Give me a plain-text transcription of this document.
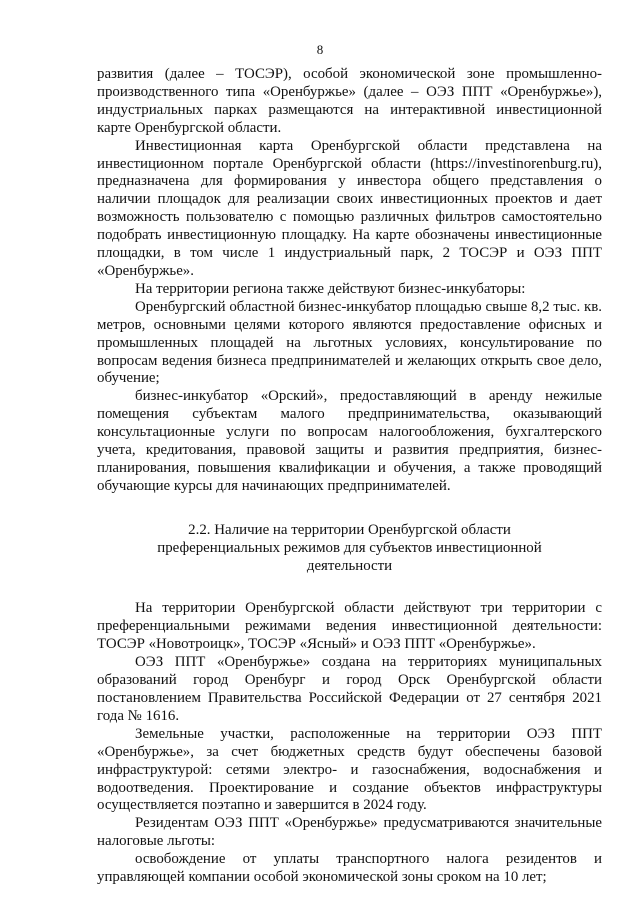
8

развития (далее – ТОСЭР), особой экономической зоне промышленно-производственного типа «Оренбуржье» (далее – ОЭЗ ППТ «Оренбуржье»), индустриальных парках размещаются на интерактивной инвестиционной карте Оренбургской области.

Инвестиционная карта Оренбургской области представлена на инвестиционном портале Оренбургской области (https://investinorenburg.ru), предназначена для формирования у инвестора общего представления о наличии площадок для реализации своих инвестиционных проектов и дает возможность пользователю с помощью различных фильтров самостоятельно подобрать инвестиционную площадку. На карте обозначены инвестиционные площадки, в том числе 1 индустриальный парк, 2 ТОСЭР и ОЭЗ ППТ «Оренбуржье».

На территории региона также действуют бизнес-инкубаторы:

Оренбургский областной бизнес-инкубатор площадью свыше 8,2 тыс. кв. метров, основными целями которого являются предоставление офисных и промышленных площадей на льготных условиях, консультирование по вопросам ведения бизнеса предпринимателей и желающих открыть свое дело, обучение;

бизнес-инкубатор «Орский», предоставляющий в аренду нежилые помещения субъектам малого предпринимательства, оказывающий консультационные услуги по вопросам налогообложения, бухгалтерского учета, кредитования, правовой защиты и развития предприятия, бизнес-планирования, повышения квалификации и обучения, а также проводящий обучающие курсы для начинающих предпринимателей.

2.2. Наличие на территории Оренбургской области преференциальных режимов для субъектов инвестиционной деятельности

На территории Оренбургской области действуют три территории с преференциальными режимами ведения инвестиционной деятельности: ТОСЭР «Новотроицк», ТОСЭР «Ясный» и ОЭЗ ППТ «Оренбуржье».

ОЭЗ ППТ «Оренбуржье» создана на территориях муниципальных образований город Оренбург и город Орск Оренбургской области постановлением Правительства Российской Федерации от 27 сентября 2021 года № 1616.

Земельные участки, расположенные на территории ОЭЗ ППТ «Оренбуржье», за счет бюджетных средств будут обеспечены базовой инфраструктурой: сетями электро- и газоснабжения, водоснабжения и водоотведения. Проектирование и создание объектов инфраструктуры осуществляется поэтапно и завершится в 2024 году.

Резидентам ОЭЗ ППТ «Оренбуржье» предусматриваются значительные налоговые льготы:

освобождение от уплаты транспортного налога резидентов и управляющей компании особой экономической зоны сроком на 10 лет;
